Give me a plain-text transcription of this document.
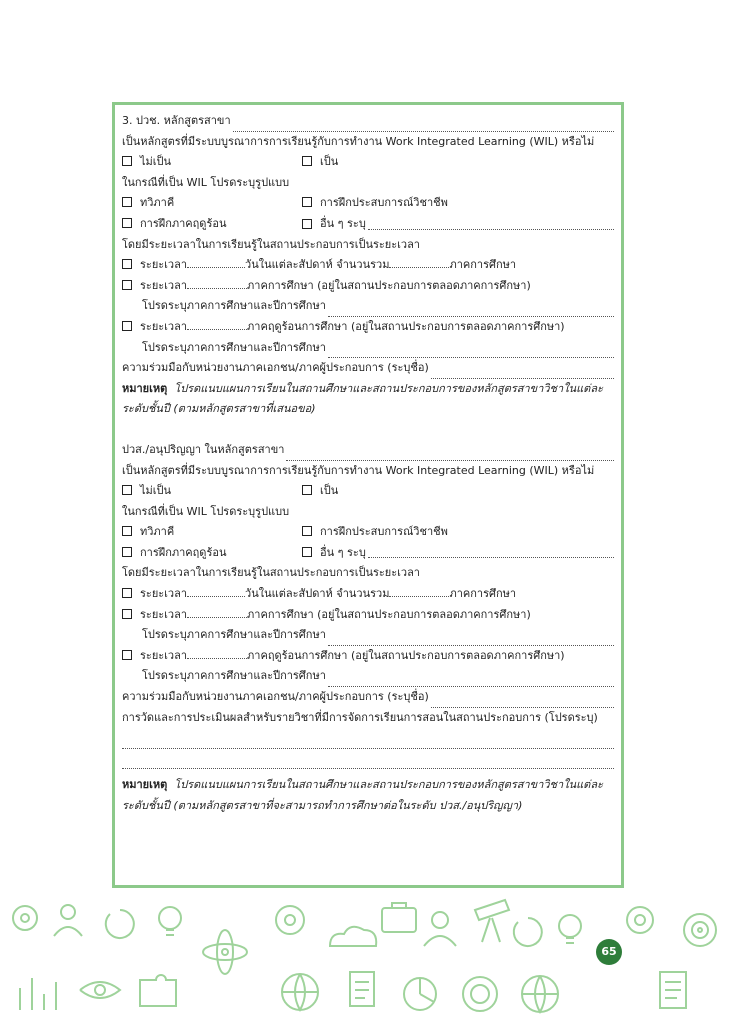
3. ปวช. หลักสูตรสาขา
เป็นหลักสูตรที่มีระบบบูรณาการการเรียนรู้กับการทำงาน Work Integrated Learning (WIL) หรือไม่
ไม่เป็น	เป็น
ในกรณีที่เป็น WIL โปรดระบุรูปแบบ
ทวิภาคี	การฝึกประสบการณ์วิชาชีพ
การฝึกภาคฤดูร้อน	อื่น ๆ ระบุ
โดยมีระยะเวลาในการเรียนรู้ในสถานประกอบการเป็นระยะเวลา
ระยะเวลา	วันในแต่ละสัปดาห์ จำนวนรวม	ภาคการศึกษา
ระยะเวลา	ภาคการศึกษา (อยู่ในสถานประกอบการตลอดภาคการศึกษา)
โปรดระบุภาคการศึกษาและปีการศึกษา
ระยะเวลา	ภาคฤดูร้อนการศึกษา (อยู่ในสถานประกอบการตลอดภาคการศึกษา)
โปรดระบุภาคการศึกษาและปีการศึกษา
ความร่วมมือกับหน่วยงานภาคเอกชน/ภาคผู้ประกอบการ (ระบุชื่อ)
หมายเหตุ โปรดแนบแผนการเรียนในสถานศึกษาและสถานประกอบการของหลักสูตรสาขาวิชาในแต่ละ
ระดับชั้นปี (ตามหลักสูตรสาขาที่เสนอขอ)
ปวส./อนุปริญญา ในหลักสูตรสาขา
เป็นหลักสูตรที่มีระบบบูรณาการการเรียนรู้กับการทำงาน Work Integrated Learning (WIL) หรือไม่
ไม่เป็น	เป็น
ในกรณีที่เป็น WIL โปรดระบุรูปแบบ
ทวิภาคี	การฝึกประสบการณ์วิชาชีพ
การฝึกภาคฤดูร้อน	อื่น ๆ ระบุ
โดยมีระยะเวลาในการเรียนรู้ในสถานประกอบการเป็นระยะเวลา
ระยะเวลา	วันในแต่ละสัปดาห์ จำนวนรวม	ภาคการศึกษา
ระยะเวลา	ภาคการศึกษา (อยู่ในสถานประกอบการตลอดภาคการศึกษา)
โปรดระบุภาคการศึกษาและปีการศึกษา
ระยะเวลา	ภาคฤดูร้อนการศึกษา (อยู่ในสถานประกอบการตลอดภาคการศึกษา)
โปรดระบุภาคการศึกษาและปีการศึกษา
ความร่วมมือกับหน่วยงานภาคเอกชน/ภาคผู้ประกอบการ (ระบุชื่อ)
การวัดและการประเมินผลสำหรับรายวิชาที่มีการจัดการเรียนการสอนในสถานประกอบการ (โปรดระบุ)
หมายเหตุ โปรดแนบแผนการเรียนในสถานศึกษาและสถานประกอบการของหลักสูตรสาขาวิชาในแต่ละ
ระดับชั้นปี (ตามหลักสูตรสาขาที่จะสามารถทำการศึกษาต่อในระดับ ปวส./อนุปริญญา)
65
